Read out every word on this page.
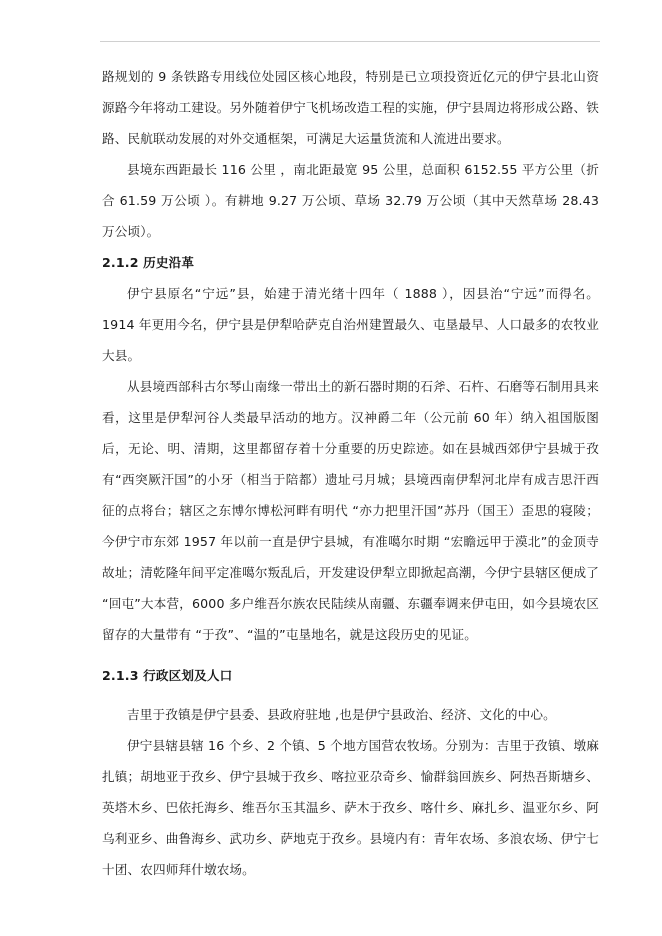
路规划的 9 条铁路专用线位处园区核心地段，特别是已立项投资近亿元的伊宁县北山资源路今年将动工建设。另外随着伊宁飞机场改造工程的实施，伊宁县周边将形成公路、铁路、民航联动发展的对外交通框架，可满足大运量货流和人流进出要求。

县境东西距最长 116 公里 ，南北距最宽 95 公里，总面积 6152.55 平方公里（折合 61.59 万公顷 ）。有耕地 9.27 万公顷、草场 32.79 万公顷（其中天然草场 28.43 万公顷）。

2.1.2 历史沿革

伊宁县原名“宁远”县，始建于清光绪十四年（ 1888 ），因县治“宁远”而得名。1914 年更用今名，伊宁县是伊犁哈萨克自治州建置最久、屯垦最早、人口最多的农牧业大县。

从县境西部科古尔琴山南缘一带出土的新石器时期的石斧、石杵、石磨等石制用具来看，这里是伊犁河谷人类最早活动的地方。汉神爵二年（公元前 60 年）纳入祖国版图后，无论、明、清期，这里都留存着十分重要的历史踪迹。如在县城西郊伊宁县城于孜有“西突厥汗国”的小牙（相当于陪都）遗址弓月城；县境西南伊犁河北岸有成吉思汗西征的点将台；辖区之东博尔博松河畔有明代 “亦力把里汗国”苏丹（国王）歪思的寝陵；今伊宁市东郊 1957 年以前一直是伊宁县城，有准噶尔时期 “宏瞻远甲于漠北”的金顶寺故址；清乾隆年间平定准噶尔叛乱后，开发建设伊犁立即掀起高潮，今伊宁县辖区便成了 “回屯”大本营，6000 多户维吾尔族农民陆续从南疆、东疆奉调来伊屯田，如今县境农区留存的大量带有 “于孜”、“温的”屯垦地名，就是这段历史的见证。

2.1.3 行政区划及人口

吉里于孜镇是伊宁县委、县政府驻地 ,也是伊宁县政治、经济、文化的中心。

伊宁县辖县辖 16 个乡、2 个镇、5 个地方国营农牧场。分别为：吉里于孜镇、墩麻扎镇；胡地亚于孜乡、伊宁县城于孜乡、喀拉亚尕奇乡、愉群翁回族乡、阿热吾斯塘乡、英塔木乡、巴依托海乡、维吾尔玉其温乡、萨木于孜乡、喀什乡、麻扎乡、温亚尔乡、阿乌利亚乡、曲鲁海乡、武功乡、萨地克于孜乡。县境内有：青年农场、多浪农场、伊宁七十团、农四师拜什墩农场。
